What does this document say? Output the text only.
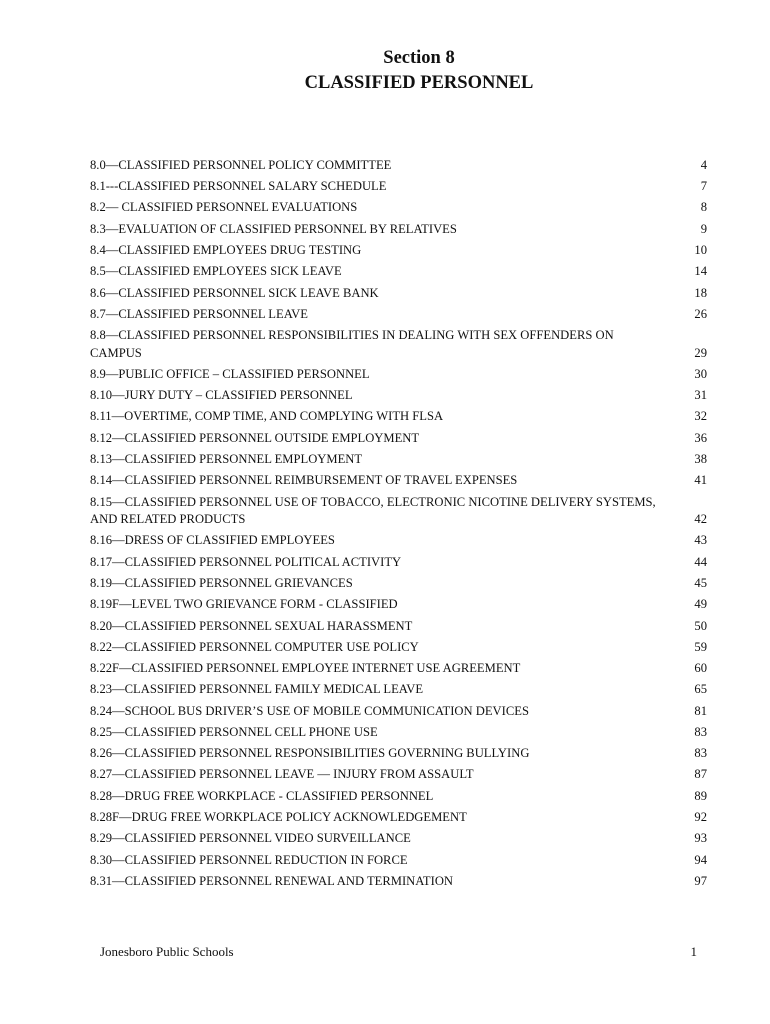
Section 8
CLASSIFIED PERSONNEL
8.0—CLASSIFIED PERSONNEL POLICY COMMITTEE	4
8.1---CLASSIFIED PERSONNEL SALARY SCHEDULE	7
8.2— CLASSIFIED PERSONNEL EVALUATIONS	8
8.3—EVALUATION OF CLASSIFIED PERSONNEL BY RELATIVES	9
8.4—CLASSIFIED EMPLOYEES DRUG TESTING	10
8.5—CLASSIFIED EMPLOYEES SICK LEAVE	14
8.6—CLASSIFIED PERSONNEL SICK LEAVE BANK	18
8.7—CLASSIFIED PERSONNEL LEAVE	26
8.8—CLASSIFIED PERSONNEL RESPONSIBILITIES IN DEALING WITH SEX OFFENDERS ON CAMPUS	29
8.9—PUBLIC OFFICE – CLASSIFIED PERSONNEL	30
8.10—JURY DUTY – CLASSIFIED PERSONNEL	31
8.11—OVERTIME, COMP TIME, AND COMPLYING WITH FLSA	32
8.12—CLASSIFIED PERSONNEL OUTSIDE EMPLOYMENT	36
8.13—CLASSIFIED PERSONNEL EMPLOYMENT	38
8.14—CLASSIFIED PERSONNEL REIMBURSEMENT OF TRAVEL EXPENSES	41
8.15—CLASSIFIED PERSONNEL USE OF TOBACCO, ELECTRONIC NICOTINE DELIVERY SYSTEMS, AND RELATED PRODUCTS	42
8.16—DRESS OF CLASSIFIED EMPLOYEES	43
8.17—CLASSIFIED PERSONNEL POLITICAL ACTIVITY	44
8.19—CLASSIFIED PERSONNEL GRIEVANCES	45
8.19F—LEVEL TWO GRIEVANCE FORM - CLASSIFIED	49
8.20—CLASSIFIED PERSONNEL SEXUAL HARASSMENT	50
8.22—CLASSIFIED PERSONNEL COMPUTER USE POLICY	59
8.22F—CLASSIFIED PERSONNEL EMPLOYEE INTERNET USE AGREEMENT	60
8.23—CLASSIFIED PERSONNEL FAMILY MEDICAL LEAVE	65
8.24—SCHOOL BUS DRIVER’S USE OF MOBILE COMMUNICATION DEVICES	81
8.25—CLASSIFIED PERSONNEL CELL PHONE USE	83
8.26—CLASSIFIED PERSONNEL RESPONSIBILITIES GOVERNING BULLYING	83
8.27—CLASSIFIED PERSONNEL LEAVE — INJURY FROM ASSAULT	87
8.28—DRUG FREE WORKPLACE - CLASSIFIED PERSONNEL	89
8.28F—DRUG FREE WORKPLACE POLICY ACKNOWLEDGEMENT	92
8.29—CLASSIFIED PERSONNEL VIDEO SURVEILLANCE	93
8.30—CLASSIFIED PERSONNEL REDUCTION IN FORCE	94
8.31—CLASSIFIED PERSONNEL RENEWAL AND TERMINATION	97
Jonesboro Public Schools	1
